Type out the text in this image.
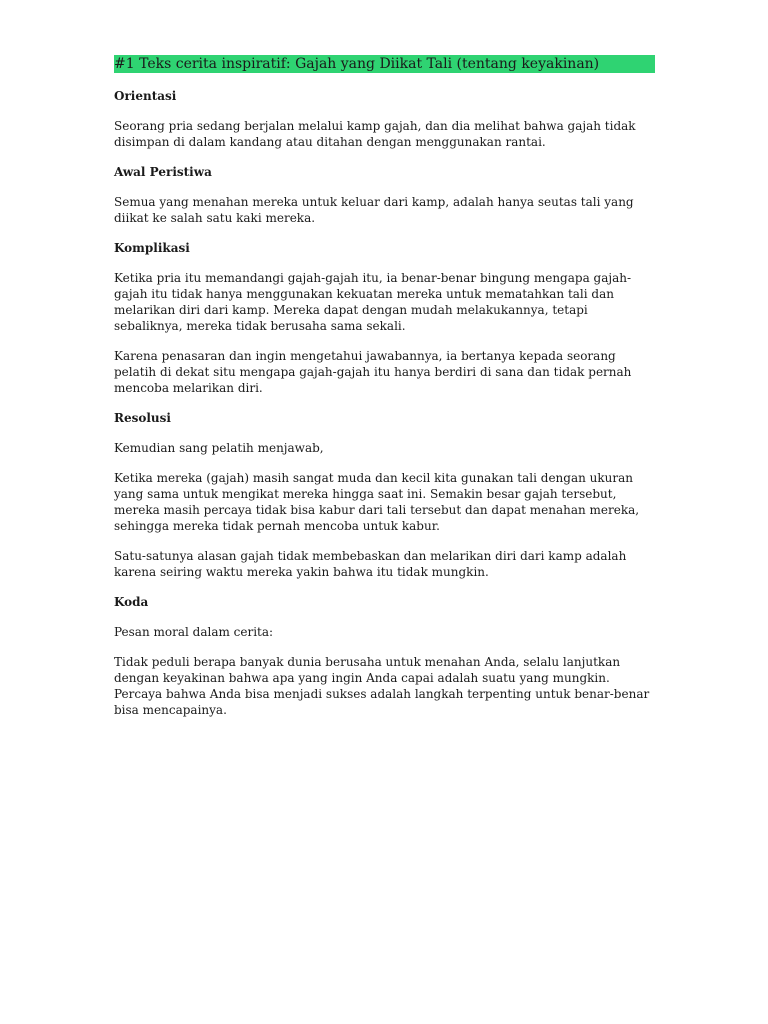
#1 Teks cerita inspiratif: Gajah yang Diikat Tali (tentang keyakinan)
Orientasi
Seorang pria sedang berjalan melalui kamp gajah, dan dia melihat bahwa gajah tidak disimpan di dalam kandang atau ditahan dengan menggunakan rantai.
Awal Peristiwa
Semua yang menahan mereka untuk keluar dari kamp, adalah hanya seutas tali yang diikat ke salah satu kaki mereka.
Komplikasi
Ketika pria itu memandangi gajah-gajah itu, ia benar-benar bingung mengapa gajah-gajah itu tidak hanya menggunakan kekuatan mereka untuk mematahkan tali dan melarikan diri dari kamp. Mereka dapat dengan mudah melakukannya, tetapi sebaliknya, mereka tidak berusaha sama sekali.
Karena penasaran dan ingin mengetahui jawabannya, ia bertanya kepada seorang pelatih di dekat situ mengapa gajah-gajah itu hanya berdiri di sana dan tidak pernah mencoba melarikan diri.
Resolusi
Kemudian sang pelatih menjawab,
Ketika mereka (gajah) masih sangat muda dan kecil kita gunakan tali dengan ukuran yang sama untuk mengikat mereka hingga saat ini. Semakin besar gajah tersebut, mereka masih percaya tidak bisa kabur dari tali tersebut dan dapat menahan mereka, sehingga mereka tidak pernah mencoba untuk kabur.
Satu-satunya alasan gajah tidak membebaskan dan melarikan diri dari kamp adalah karena seiring waktu mereka yakin bahwa itu tidak mungkin.
Koda
Pesan moral dalam cerita:
Tidak peduli berapa banyak dunia berusaha untuk menahan Anda, selalu lanjutkan dengan keyakinan bahwa apa yang ingin Anda capai adalah suatu yang mungkin. Percaya bahwa Anda bisa menjadi sukses adalah langkah terpenting untuk benar-benar bisa mencapainya.
